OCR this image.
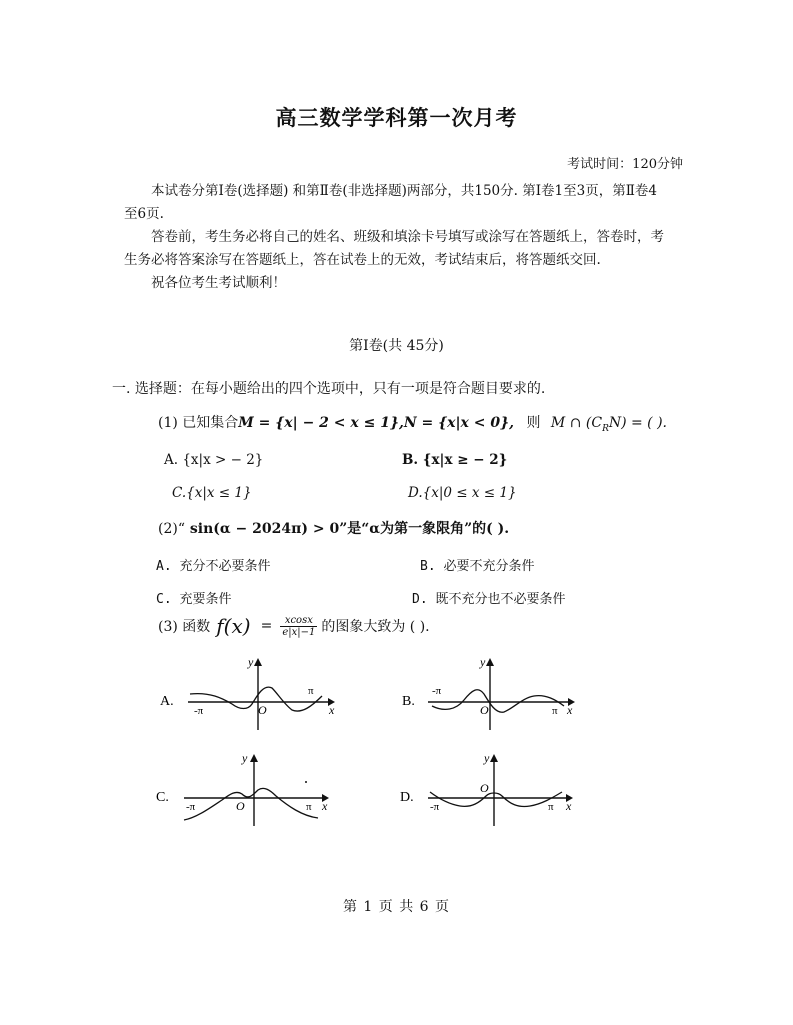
高三数学学科第一次月考
考试时间：120分钟

本试卷分第Ⅰ卷(选择题) 和第Ⅱ卷(非选择题)两部分，共150分. 第Ⅰ卷1至3页，第Ⅱ卷4至6页.

答卷前，考生务必将自己的姓名、班级和填涂卡号填写或涂写在答题纸上，答卷时，考生务必将答案涂写在答题纸上，答在试卷上的无效，考试结束后，将答题纸交回.

祝各位考生考试顺利！

第Ⅰ卷(共 45分)
一. 选择题：在每小题给出的四个选项中，只有一项是符合题目要求的.
(1) 已知集合M = {x| − 2 < x ≤ 1},N = {x|x < 0}, 则 M ∩ $(C_RN)$ = ( ).
A. {x|x > − 2}	B. {x|x ≥ − 2}
C.{x|x ≤ 1}	D.{x|0 ≤ x ≤ 1}
(2)“ sin(α − 2024π) > 0”是“α为第一象限角”的( ).
A. 充分不必要条件	B. 必要不充分条件
C. 充要条件	D. 既不充分也不必要条件
(3) 函数 $f(x) = \frac{xcosx}{e|x|-1}$ 的图象大致为 ( ).
A.
x
y
O
-π
π
B.
x
y
O
-π
π
C.
x
y
O
-π	π
D.
x
y
O
-π	π
第 1 页 共 6 页
